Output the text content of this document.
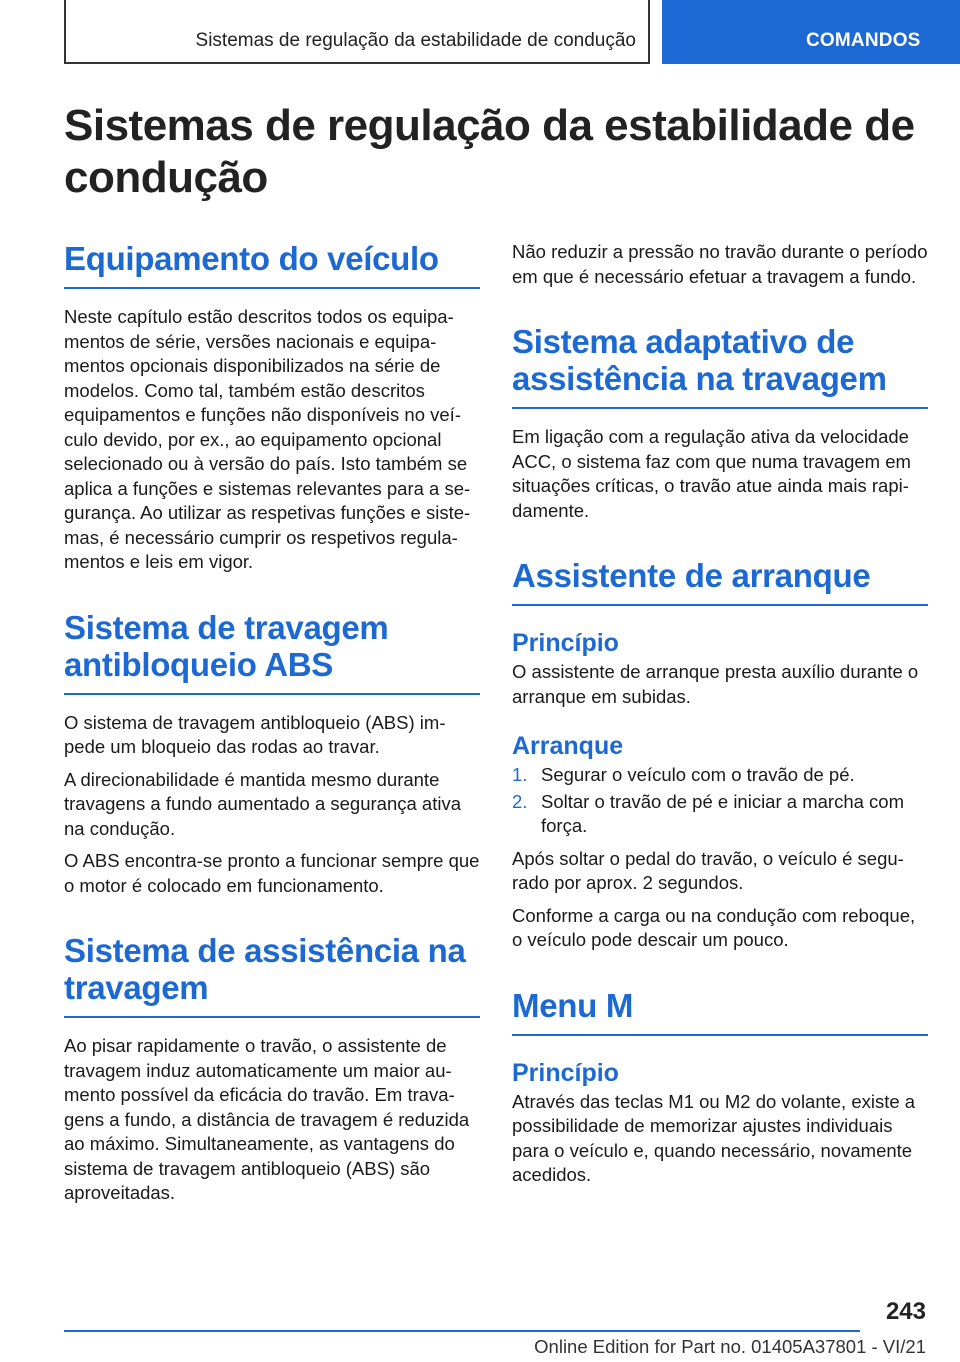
Sistemas de regulação da estabilidade de condução	COMANDOS
Sistemas de regulação da estabilidade de condução
Equipamento do veículo

Neste capítulo estão descritos todos os equipamentos de série, versões nacionais e equipamentos opcionais disponibilizados na série de modelos. Como tal, também estão descritos equipamentos e funções não disponíveis no veículo devido, por ex., ao equipamento opcional selecionado ou à versão do país. Isto também se aplica a funções e sistemas relevantes para a segurança. Ao utilizar as respetivas funções e sistemas, é necessário cumprir os respetivos regulamentos e leis em vigor.

Sistema de travagem antibloqueio ABS

O sistema de travagem antibloqueio (ABS) impede um bloqueio das rodas ao travar.

A direcionabilidade é mantida mesmo durante travagens a fundo aumentado a segurança ativa na condução.

O ABS encontra-se pronto a funcionar sempre que o motor é colocado em funcionamento.

Sistema de assistência na travagem

Ao pisar rapidamente o travão, o assistente de travagem induz automaticamente um maior aumento possível da eficácia do travão. Em travagens a fundo, a distância de travagem é reduzida ao máximo. Simultaneamente, as vantagens do sistema de travagem antibloqueio (ABS) são aproveitadas.

Não reduzir a pressão no travão durante o período em que é necessário efetuar a travagem a fundo.

Sistema adaptativo de assistência na travagem

Em ligação com a regulação ativa da velocidade ACC, o sistema faz com que numa travagem em situações críticas, o travão atue ainda mais rapidamente.

Assistente de arranque
Princípio

O assistente de arranque presta auxílio durante o arranque em subidas.

Arranque
1. Segurar o veículo com o travão de pé.
2. Soltar o travão de pé e iniciar a marcha com força.

Após soltar o pedal do travão, o veículo é segurado por aprox. 2 segundos.

Conforme a carga ou na condução com reboque, o veículo pode descair um pouco.

Menu M
Princípio

Através das teclas M1 ou M2 do volante, existe a possibilidade de memorizar ajustes individuais para o veículo e, quando necessário, novamente acedidos.

243
Online Edition for Part no. 01405A37801 - VI/21
